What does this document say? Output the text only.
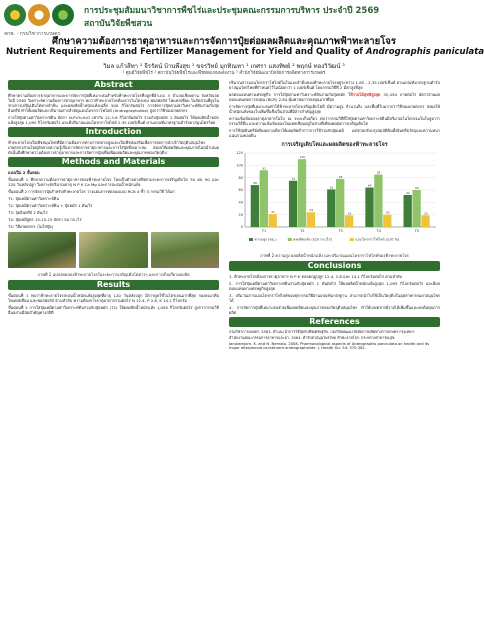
การประชุมสัมมนาวิชาการพืชไร่และประชุมคณะกรรมการบริหาร ประจำปี 2569
สถาบันวิจัยพืชสวน
สกพ. · กรมวิชาการเกษตร
ศึกษาความต้องการธาตุอาหารและการจัดการปุ๋ยต่อผลผลิตและคุณภาพฟ้าทะลายโจร
Nutrient Requirements and Fertilizer Management for Yield and Quality of Andrographis paniculata
วิมล แก้วสีทา ¹ จีรรัตน์ บ้านพึ่งสุข ¹ ขจรวิทย์ มุกทิณทา ¹ เกศรา แสงทิพย์ ² พฤกษ์ ทองวิวัฒน์ ³
¹ ศูนย์วิจัยพืชไร่ ² สถาบันวิจัยพืชไร่และพืชทดแทนพลังงาน ³ สำนักวิจัยพัฒนาปัจจัยการผลิตทางการเกษตร
Abstract

ศึกษาความต้องการธาตุอาหารและการจัดการปุ๋ยที่เหมาะสมสำหรับฟ้าทะลายโจรที่ปลูกที่อำเภอ 3 อำเภอเชียงคาน จังหวัดเลย ในปี 2565 วิเคราะห์ความต้องการธาตุอาหาร พบว่าฟ้าทะลายโจรต้องการไนโตรเจน ฟอสฟอรัส โพแทสเซียม ในสัดส่วนที่สูงในช่วงการเจริญเติบโตทางลำต้น และผลผลิตน้ำหนักแห้งเฉลี่ย 500 กิโลกรัมต่อไร่ การจัดการปุ๋ยตามค่าวิเคราะห์ดินร่วมกับปุ๋ยอินทรีย์ ทำให้ผลผลิตและปริมาณสารสำคัญแอนโดรกราโฟไลด์ (Andrographolide) สูงกว่าวิธีของเกษตรกร

การใส่ปุ๋ยตามค่าวิเคราะห์ดิน อัตรา N-P₂O₅-K₂O เท่ากับ 12-3-6 กิโลกรัมต่อไร่ ร่วมกับปุ๋ยหมัก 1 ตันต่อไร่ ให้ผลผลิตน้ำหนักแห้งสูงสุด 1,095 กิโลกรัมต่อไร่ และมีปริมาณแอนโดรกราโฟไลด์ 2.35 เปอร์เซ็นต์ ผ่านเกณฑ์มาตรฐานตำรับยาสมุนไพรไทย

Introduction

ฟ้าทะลายโจรเป็นพืชสมุนไพรที่มีความต้องการทางการตลาดสูงและเป็นพืชส่งเสริมเพื่อการลดการนำเข้าวัตถุดิบสมุนไพร เกษตรกรส่วนใหญ่ยังขาดความรู้เรื่องการจัดการธาตุอาหารและการใส่ปุ๋ยที่เหมาะสม ส่งผลให้ผลผลิตและคุณภาพไม่สม่ำเสมอ ดังนั้นจึงศึกษาความต้องการธาตุอาหารและการจัดการปุ๋ยเพื่อเพิ่มผลผลิตและคุณภาพของวัตถุดิบ

Methods and Materials

แบ่งเป็น 2 ขั้นตอน

ขั้นตอนที่ 1 ศึกษาความต้องการธาตุอาหารของฟ้าทะลายโจร โดยเก็บตัวอย่างพืชตามระยะการเจริญเติบโต 30 60 90 และ 120 วันหลังปลูก วิเคราะห์ปริมาณธาตุ N P K Ca Mg และการสะสมน้ำหนักแห้ง

ขั้นตอนที่ 2 การจัดการปุ๋ยสำหรับฟ้าทะลายโจร วางแผนการทดลองแบบ RCB 4 ซ้ำ 5 กรรมวิธี ได้แก่

T1: ปุ๋ยเคมีตามค่าวิเคราะห์ดิน

T2: ปุ๋ยเคมีตามค่าวิเคราะห์ดิน + ปุ๋ยหมัก 1 ตัน/ไร่

T3: ปุ๋ยอินทรีย์ 2 ตัน/ไร่

T4: ปุ๋ยเคมีสูตร 15-15-15 อัตรา 50 กก./ไร่

T5: วิธีเกษตรกร (ไม่ใส่ปุ๋ย)

ภาพที่ 1 แปลงทดลองฟ้าทะลายโจรในระยะการเจริญเติบโตต่างๆ และการเก็บเกี่ยวผลผลิต
Results

ขั้นตอนที่ 1 พบว่าฟ้าทะลายโจรสะสมน้ำหนักแห้งสูงสุดที่อายุ 120 วันหลังปลูก มีการดูดใช้ไนโตรเจนมากที่สุด รองลงมาคือโพแทสเซียม และฟอสฟอรัส ตามลำดับ ความต้องการธาตุอาหารรวมต่อไร่ N 12.4, P 2.8, K 14.1 กิโลกรัม

ขั้นตอนที่ 2 การใส่ปุ๋ยเคมีตามค่าวิเคราะห์ดินร่วมกับปุ๋ยหมัก (T2) ให้ผลผลิตน้ำหนักแห้ง 1,095 กิโลกรัมต่อไร่ สูงกว่ากรรมวิธีอื่นอย่างมีนัยสำคัญทางสถิติ

ปริมาณสารแอนโดรกราโฟไลด์ในใบและลำต้นของฟ้าทะลายโจรอยู่ระหว่าง 1.85 - 2.35 เปอร์เซ็นต์ ผ่านเกณฑ์มาตรฐานตำรับยาสมุนไพรไทยที่กำหนดไว้ไม่น้อยกว่า 1 เปอร์เซ็นต์ โดยกรรมวิธีที่ 2 มีค่าสูงที่สุด

ผลตอบแทนทางเศรษฐกิจ การใส่ปุ๋ยตามค่าวิเคราะห์ดินร่วมกับปุ๋ยหมัก ให้รายได้สุทธิสูงสุด 32,450 บาทต่อไร่ อัตราส่วนผลตอบแทนต่อการลงทุน (BCR) 2.84 คุ้มค่าต่อการลงทุนมากที่สุด

การจัดการปุ๋ยที่เหมาะสมทำให้ฟ้าทะลายโจรเจริญเติบโตดี มีความสูง จำนวนกิ่ง และพื้นที่ใบมากกว่าวิธีของเกษตรกร ส่งผลให้น้ำหนักแห้งของใบเพิ่มขึ้นซึ่งเป็นส่วนที่มีสารสำคัญสูงสุด

ความเข้มข้นของธาตุอาหารในใบ ณ ระยะเก็บเกี่ยว พบว่ากรรมวิธีที่ใส่ปุ๋ยตามค่าวิเคราะห์ดินมีปริมาณไนโตรเจนในใบสูงกว่ากรรมวิธีอื่น และความเข้มข้นของโพแทสเซียมอยู่ในช่วงที่เพียงพอต่อการเจริญเติบโต

การใช้ปุ๋ยอินทรีย์เพียงอย่างเดียวให้ผลผลิตต่ำกว่าการใช้ร่วมกับปุ๋ยเคมี แต่ช่วยปรับปรุงสมบัติดินทั้งอินทรียวัตถุและความหนาแน่นรวมของดิน

การเจริญเติบโตและผลผลิตของฟ้าทะลายโจร
0
20
40
60
80
100
120
68
92
21
T1
75
110
24
T2
61
78
19
T3
64
85
20
T4
52
60
19
T5
ความสูง (ซม.)	ผลผลิตแห้ง (x10 กก./ไร่)	แอนโดรกราโฟไลด์ (x10 %)
ภาพที่ 2 ความสูง ผลผลิตน้ำหนักแห้ง และปริมาณแอนโดรกราโฟไลด์ของฟ้าทะลายโจร
Conclusions

1. ฟ้าทะลายโจรต้องการธาตุอาหาร N P K ตลอดฤดูปลูก 12.4, 2.8 และ 14.1 กิโลกรัมต่อไร่ ตามลำดับ

2. การใส่ปุ๋ยเคมีตามค่าวิเคราะห์ดินร่วมกับปุ๋ยหมัก 1 ตันต่อไร่ ให้ผลผลิตน้ำหนักแห้งสูงสุด 1,095 กิโลกรัมต่อไร่ และมีผลตอบแทนทางเศรษฐกิจสูงสุด

3. ปริมาณสารแอนโดรกราโฟไลด์ของทุกกรรมวิธีผ่านเกณฑ์มาตรฐาน สามารถนำไปใช้เป็นวัตถุดิบในอุตสาหกรรมยาสมุนไพรได้

4. การจัดการปุ๋ยที่เหมาะสมช่วยเพิ่มผลผลิตและคุณภาพของวัตถุดิบสมุนไพร ทำให้เกษตรกรมีรายได้เพิ่มขึ้นและลดต้นทุนการผลิต

References

กรมวิชาการเกษตร. 2563. คำแนะนำการใช้ปุ๋ยกับพืชเศรษฐกิจ. กองวิจัยพัฒนาปัจจัยการผลิตทางการเกษตร กรุงเทพฯ.

สำนักงานคณะกรรมการอาหารและยา. 2564. ตำรับยาสมุนไพรไทย ฟ้าทะลายโจร. กระทรวงสาธารณสุข.

Jarukamjorn, K. and N. Nemoto. 2008. Pharmacological aspects of Andrographis paniculata on health and its major diterpenoid constituent andrographolide. J. Health Sci. 54: 370-381.
